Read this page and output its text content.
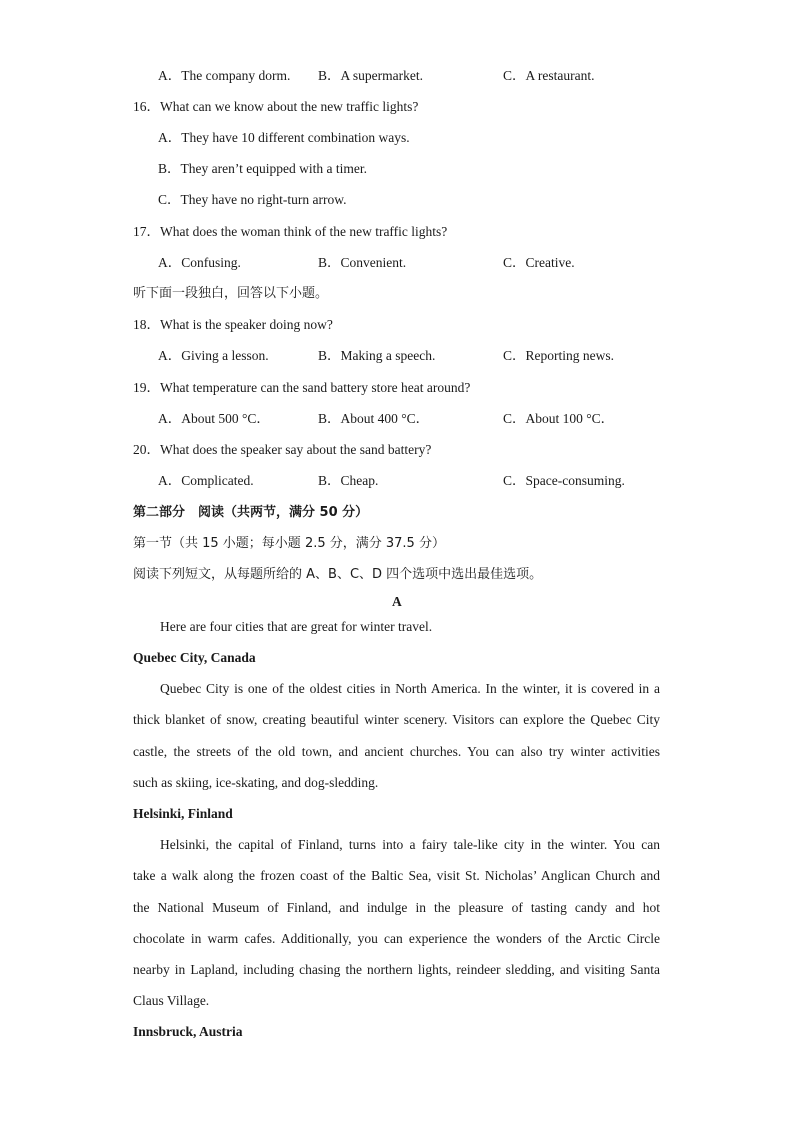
A．The company dorm. B．A supermarket.	C．A restaurant.
16．What can we know about the new traffic lights?
A．They have 10 different combination ways.
B．They aren’t equipped with a timer.
C．They have no right-turn arrow.
17．What does the woman think of the new traffic lights?
A．Confusing.	B．Convenient.	C．Creative.
听下面一段独白，回答以下小题。
18．What is the speaker doing now?
A．Giving a lesson.	B．Making a speech.	C．Reporting news.
19．What temperature can the sand battery store heat around?
A．About 500 °C．	B．About 400 °C．	C．About 100 °C．
20．What does the speaker say about the sand battery?
A．Complicated.	B．Cheap.	C．Space-consuming.
第二部分　阅读（共两节，满分 50 分）
第一节（共 15 小题；每小题 2.5 分，满分 37.5 分）
阅读下列短文，从每题所给的 A、B、C、D 四个选项中选出最佳选项。
A
Here are four cities that are great for winter travel.
Quebec City, Canada
Quebec City is one of the oldest cities in North America. In the winter, it is covered in a
thick blanket of snow, creating beautiful winter scenery. Visitors can explore the Quebec City
castle, the streets of the old town, and ancient churches. You can also try winter activities
such as skiing, ice-skating, and dog-sledding.
Helsinki, Finland
Helsinki, the capital of Finland, turns into a fairy tale-like city in the winter. You can
take a walk along the frozen coast of the Baltic Sea, visit St. Nicholas’ Anglican Church and
the National Museum of Finland, and indulge in the pleasure of tasting candy and hot
chocolate in warm cafes. Additionally, you can experience the wonders of the Arctic Circle
nearby in Lapland, including chasing the northern lights, reindeer sledding, and visiting Santa
Claus Village.
Innsbruck, Austria
